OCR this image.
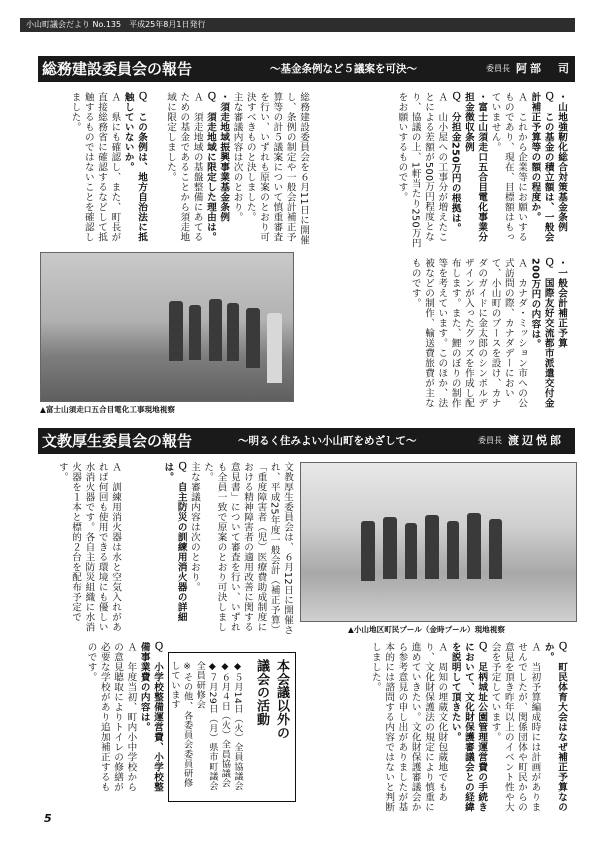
小山町議会だより No.135　平成25年8月1日発行
総務建設委員会の報告	～基金条例など５議案を可決～	委員長 阿部　司
総務建設委員会を６月11日に開催し、条例の制定や一般会計補正予算等の計５議案について慎重審査を行い、いずれも原案のとおり可決すべきものと決しました。
主な審議内容は次のとおり。
・須走地域振興事業基金条例
Ｑ　須走地域に限定した理由は。
Ａ　須走地域の基盤整備にあてるための基金であることから須走地域に限定しました。
Ｑ　この条例は、地方自治法に抵触していないか。
Ａ　県にも確認し、また、町長が直接総務省に確認するなどして抵触するものではないことを確認しました。	・山地強靭化総合対策基金条例
Ｑ　この基金の積立額は、一般会計補正予算等の額の程度か。
Ａ　これから企業等にお願いするものであり、現在、目標額はもっていません。
・富士山須走口五合目電化事業分担金徴収条例
Ｑ　分担金250万円の根拠は。
Ａ　山小屋への工事分が増えたことによる差額が500万円程度となり、協議の上、1軒当たり250万円をお願いするものです。
・一般会計補正予算
Ｑ　国際友好交流都市派遣交付金200万円の内容は。
Ａ　カナダ・ミッション市への公式訪問の際、カナダデーにおいて、小山町のブースを設け、カナダのガイドに金太郎のシンボルデザインが入ったグッズを作成し配布します。また、鯉のぼりの制作等を考えています。このほか、法被などの制作、輸送費旅費が主なものです。
▲富士山須走口五合目電化工事現地視察
文教厚生委員会の報告	～明るく住みよい小山町をめざして～	委員長 渡辺悦郎
▲小山地区町民プール（金時プール）現地視察
文教厚生委員会は、６月12日に開催され、平成25年度一般会計（補正予算）「重度障害者（児）医療費助成制度における精神障害者の適用改善に関する意見書」について審査を行い、いずれも全員一致で原案のとおり可決しました。
主な審議内容は次のとおり。
Ｑ　自主防災の訓練用消火器の詳細は。
Ａ　訓練用消火器は水と空気入れがあれば何回も使用できる環境にも優しい水消火器です。各自主防災組織に水消火器を１本と標的２台を配布予定です。
Ｑ　町民体育大会はなぜ補正予算なのか。
Ａ　当初予算編成時には計画がありませんでしたが、関係団体や町民からの意見を頂き昨年以上のイベント性や大会を予定しています。
Ｑ　足柄城址公園管理運営費の手続きにおいて、文化財保護審議会との経緯を説明して頂きたい。
Ａ　周知の埋蔵文化財包蔵地でもあり、文化財保護法の規定により慎重に進めていきたい。文化財保護審議会から参考意見の申し出がありましたが基本的には諮問する内容ではないと判断しました。
Ｑ　小学校整備運営費、小学校整備事業費の内容は。
Ａ　年度当初、町内小中学校からの意見聴取によりトイレの修繕が必要な学校があり追加補正するものです。	本会議以外の
議会の活動
◆５月14日（火）全員協議会
◆６月４日（火）全員協議会
◆７月29日（月）県市町議会全員研修会
※その他、各委員会委員研修しています
5
